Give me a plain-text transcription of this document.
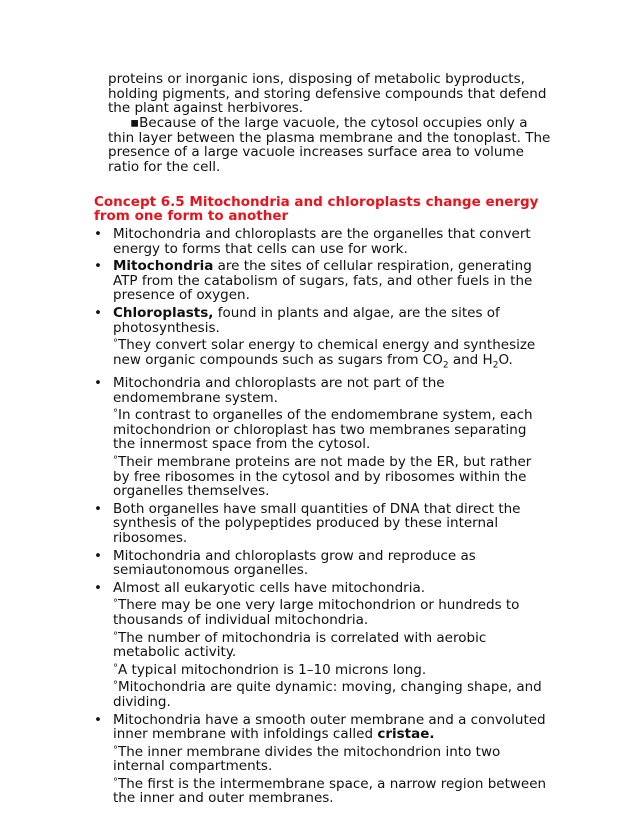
proteins or inorganic ions, disposing of metabolic byproducts,
holding pigments, and storing defensive compounds that defend
the plant against herbivores.
▪Because of the large vacuole, the cytosol occupies only a
thin layer between the plasma membrane and the tonoplast. The
presence of a large vacuole increases surface area to volume
ratio for the cell.
Concept 6.5 Mitochondria and chloroplasts change energy from one form to another
• Mitochondria and chloroplasts are the organelles that convert energy to forms that cells can use for work.
• Mitochondria are the sites of cellular respiration, generating ATP from the catabolism of sugars, fats, and other fuels in the presence of oxygen.
• Chloroplasts, found in plants and algae, are the sites of photosynthesis.
°They convert solar energy to chemical energy and synthesize new organic compounds such as sugars from $CO_2$ and $H_2O$.
• Mitochondria and chloroplasts are not part of the endomembrane system.
°In contrast to organelles of the endomembrane system, each mitochondrion or chloroplast has two membranes separating the innermost space from the cytosol.
°Their membrane proteins are not made by the ER, but rather by free ribosomes in the cytosol and by ribosomes within the organelles themselves.
• Both organelles have small quantities of DNA that direct the synthesis of the polypeptides produced by these internal ribosomes.
• Mitochondria and chloroplasts grow and reproduce as semiautonomous organelles.
• Almost all eukaryotic cells have mitochondria.
°There may be one very large mitochondrion or hundreds to thousands of individual mitochondria.
°The number of mitochondria is correlated with aerobic metabolic activity.
°A typical mitochondrion is 1–10 microns long.
°Mitochondria are quite dynamic: moving, changing shape, and dividing.
• Mitochondria have a smooth outer membrane and a convoluted inner membrane with infoldings called cristae.
°The inner membrane divides the mitochondrion into two internal compartments.
°The first is the intermembrane space, a narrow region between the inner and outer membranes.
